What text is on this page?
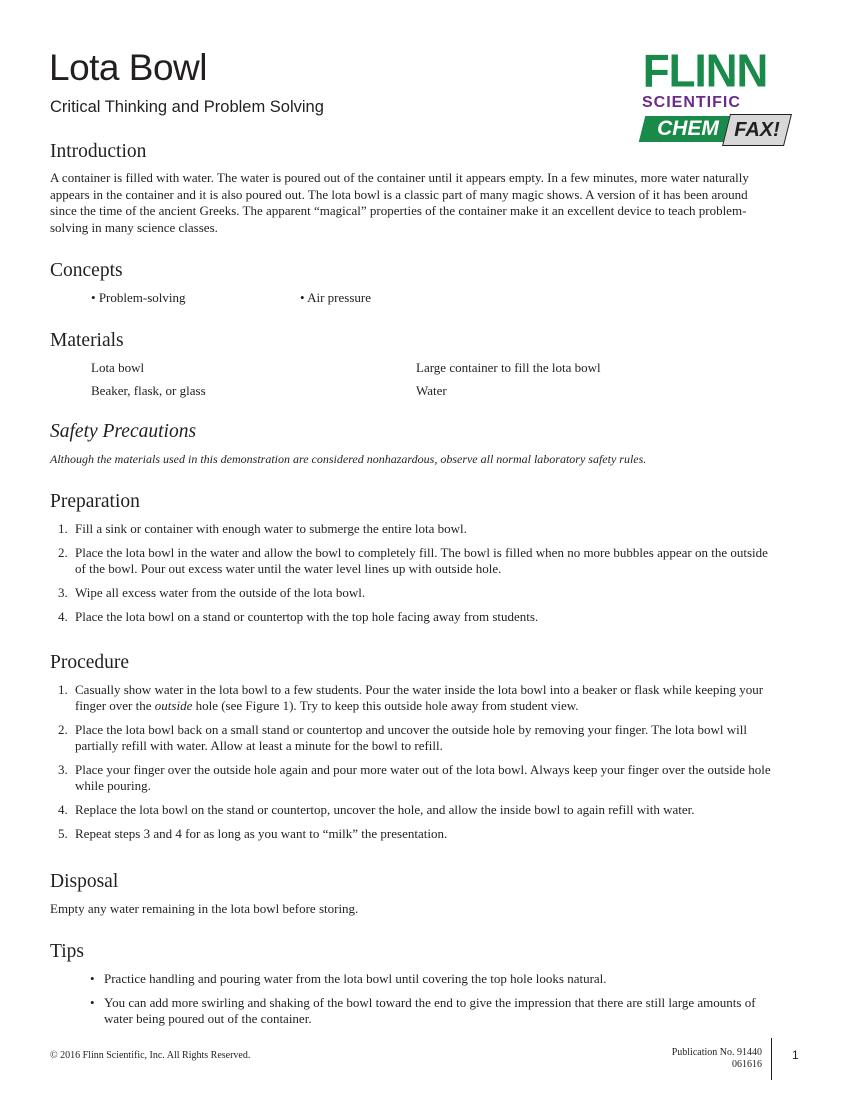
Lota Bowl
Critical Thinking and Problem Solving
FLINN
SCIENTIFIC
CHEM FAX!
Introduction

A container is filled with water. The water is poured out of the container until it appears empty. In a few minutes, more water naturally appears in the container and it is also poured out. The lota bowl is a classic part of many magic shows. A version of it has been around since the time of the ancient Greeks. The apparent “magical” properties of the container make it an excellent device to teach problem-solving in many science classes.

Concepts
• Problem-solving	• Air pressure
Materials
Lota bowl	Large container to fill the lota bowl
Beaker, flask, or glass	Water
Safety Precautions

Although the materials used in this demonstration are considered nonhazardous, observe all normal laboratory safety rules.

Preparation
1. Fill a sink or container with enough water to submerge the entire lota bowl.
2. Place the lota bowl in the water and allow the bowl to completely fill. The bowl is filled when no more bubbles appear on the outside of the bowl. Pour out excess water until the water level lines up with outside hole.
3. Wipe all excess water from the outside of the lota bowl.
4. Place the lota bowl on a stand or countertop with the top hole facing away from students.
Procedure
1. Casually show water in the lota bowl to a few students. Pour the water inside the lota bowl into a beaker or flask while keeping your finger over the outside hole (see Figure 1). Try to keep this outside hole away from student view.
2. Place the lota bowl back on a small stand or countertop and uncover the outside hole by removing your finger. The lota bowl will partially refill with water. Allow at least a minute for the bowl to refill.
3. Place your finger over the outside hole again and pour more water out of the lota bowl. Always keep your finger over the outside hole while pouring.
4. Replace the lota bowl on the stand or countertop, uncover the hole, and allow the inside bowl to again refill with water.
5. Repeat steps 3 and 4 for as long as you want to “milk” the presentation.
Disposal

Empty any water remaining in the lota bowl before storing.

Tips
• Practice handling and pouring water from the lota bowl until covering the top hole looks natural.
• You can add more swirling and shaking of the bowl toward the end to give the impression that there are still large amounts of water being poured out of the container.
© 2016 Flinn Scientific, Inc. All Rights Reserved.	Publication No. 91440
061616
1
